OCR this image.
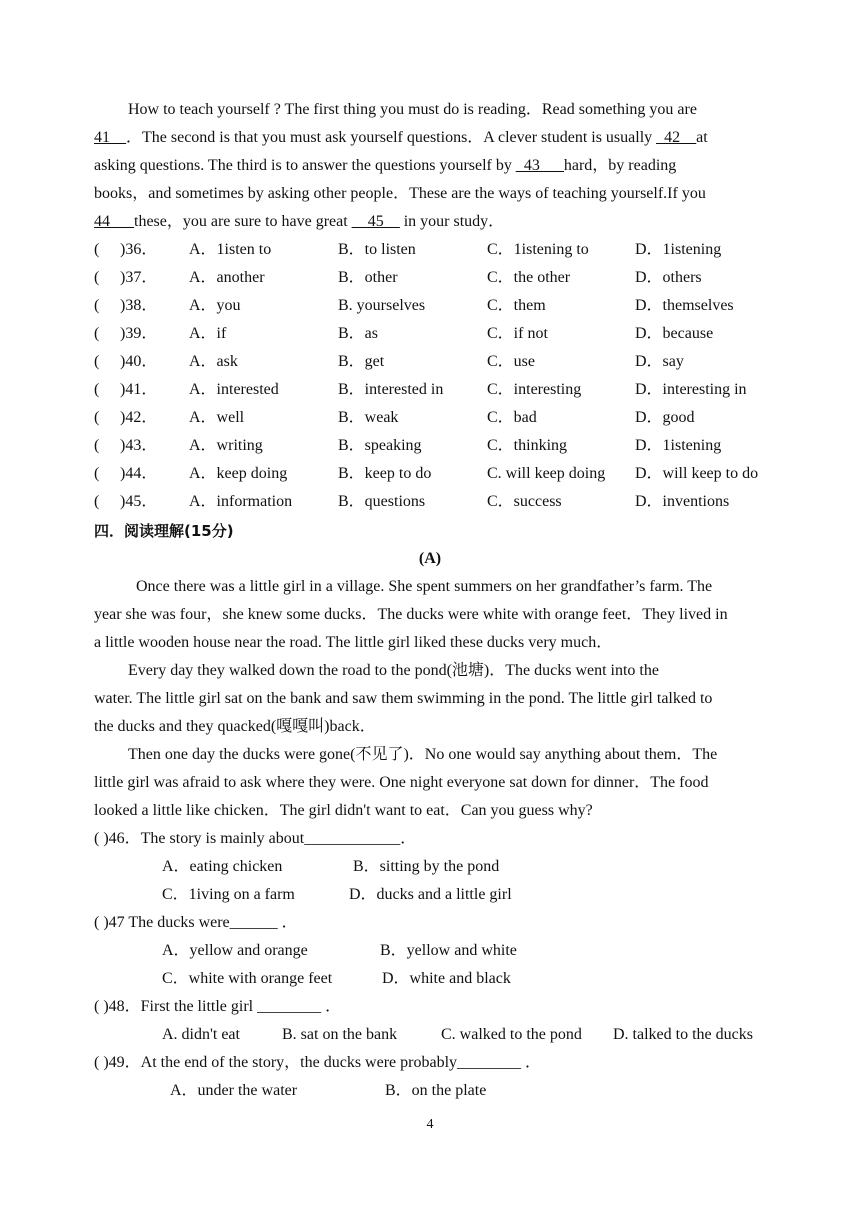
How to teach yourself ? The first thing you must do is reading．Read something you are
41__．The second is that you must ask yourself questions．A clever student is usually _42__at
asking questions. The third is to answer the questions yourself by _43___hard，by reading
books，and sometimes by asking other people．These are the ways of teaching yourself.If you
44___these，you are sure to have great __45__ in your study．
( )36． A．1isten to	B．to listen	C．1istening to	D．1istening
( )37． A．another	B．other	C．the other	D．others
( )38． A．you	B. yourselves	C．them	D．themselves
( )39． A．if	B．as	C．if not	D．because
( )40． A．ask	B．get	C．use	D．say
( )41． A．interested	B．interested in	C．interesting	D．interesting in
( )42． A．well	B．weak	C．bad	D．good
( )43． A．writing	B．speaking	C．thinking	D．1istening
( )44． A．keep doing	B．keep to do	C. will keep doing D．will keep to do
( )45． A．information	B．questions	C．success	D．inventions
四．阅读理解(15分)
(A)
Once there was a little girl in a village. She spent summers on her grandfather’s farm. The
year she was four，she knew some ducks．The ducks were white with orange feet．They lived in
a little wooden house near the road. The little girl liked these ducks very much．
Every day they walked down the road to the pond(池塘)．The ducks went into the
water. The little girl sat on the bank and saw them swimming in the pond. The little girl talked to
the ducks and they quacked(嘎嘎叫)back．
Then one day the ducks were gone(不见了)．No one would say anything about them．The
little girl was afraid to ask where they were. One night everyone sat down for dinner．The food
looked a little like chicken．The girl didn't want to eat．Can you guess why?
( )46．The story is mainly about____________．
A．eating chicken	B．sitting by the pond
C．1iving on a farm	D．ducks and a little girl
( )47 The ducks were______ ．
A．yellow and orange	B．yellow and white
C．white with orange feet	D．white and black
( )48．First the little girl ________ ．
A. didn't eat	B. sat on the bank	C. walked to the pond D. talked to the ducks
( )49．At the end of the story，the ducks were probably________ ．
A．under the water	B．on the plate
4
